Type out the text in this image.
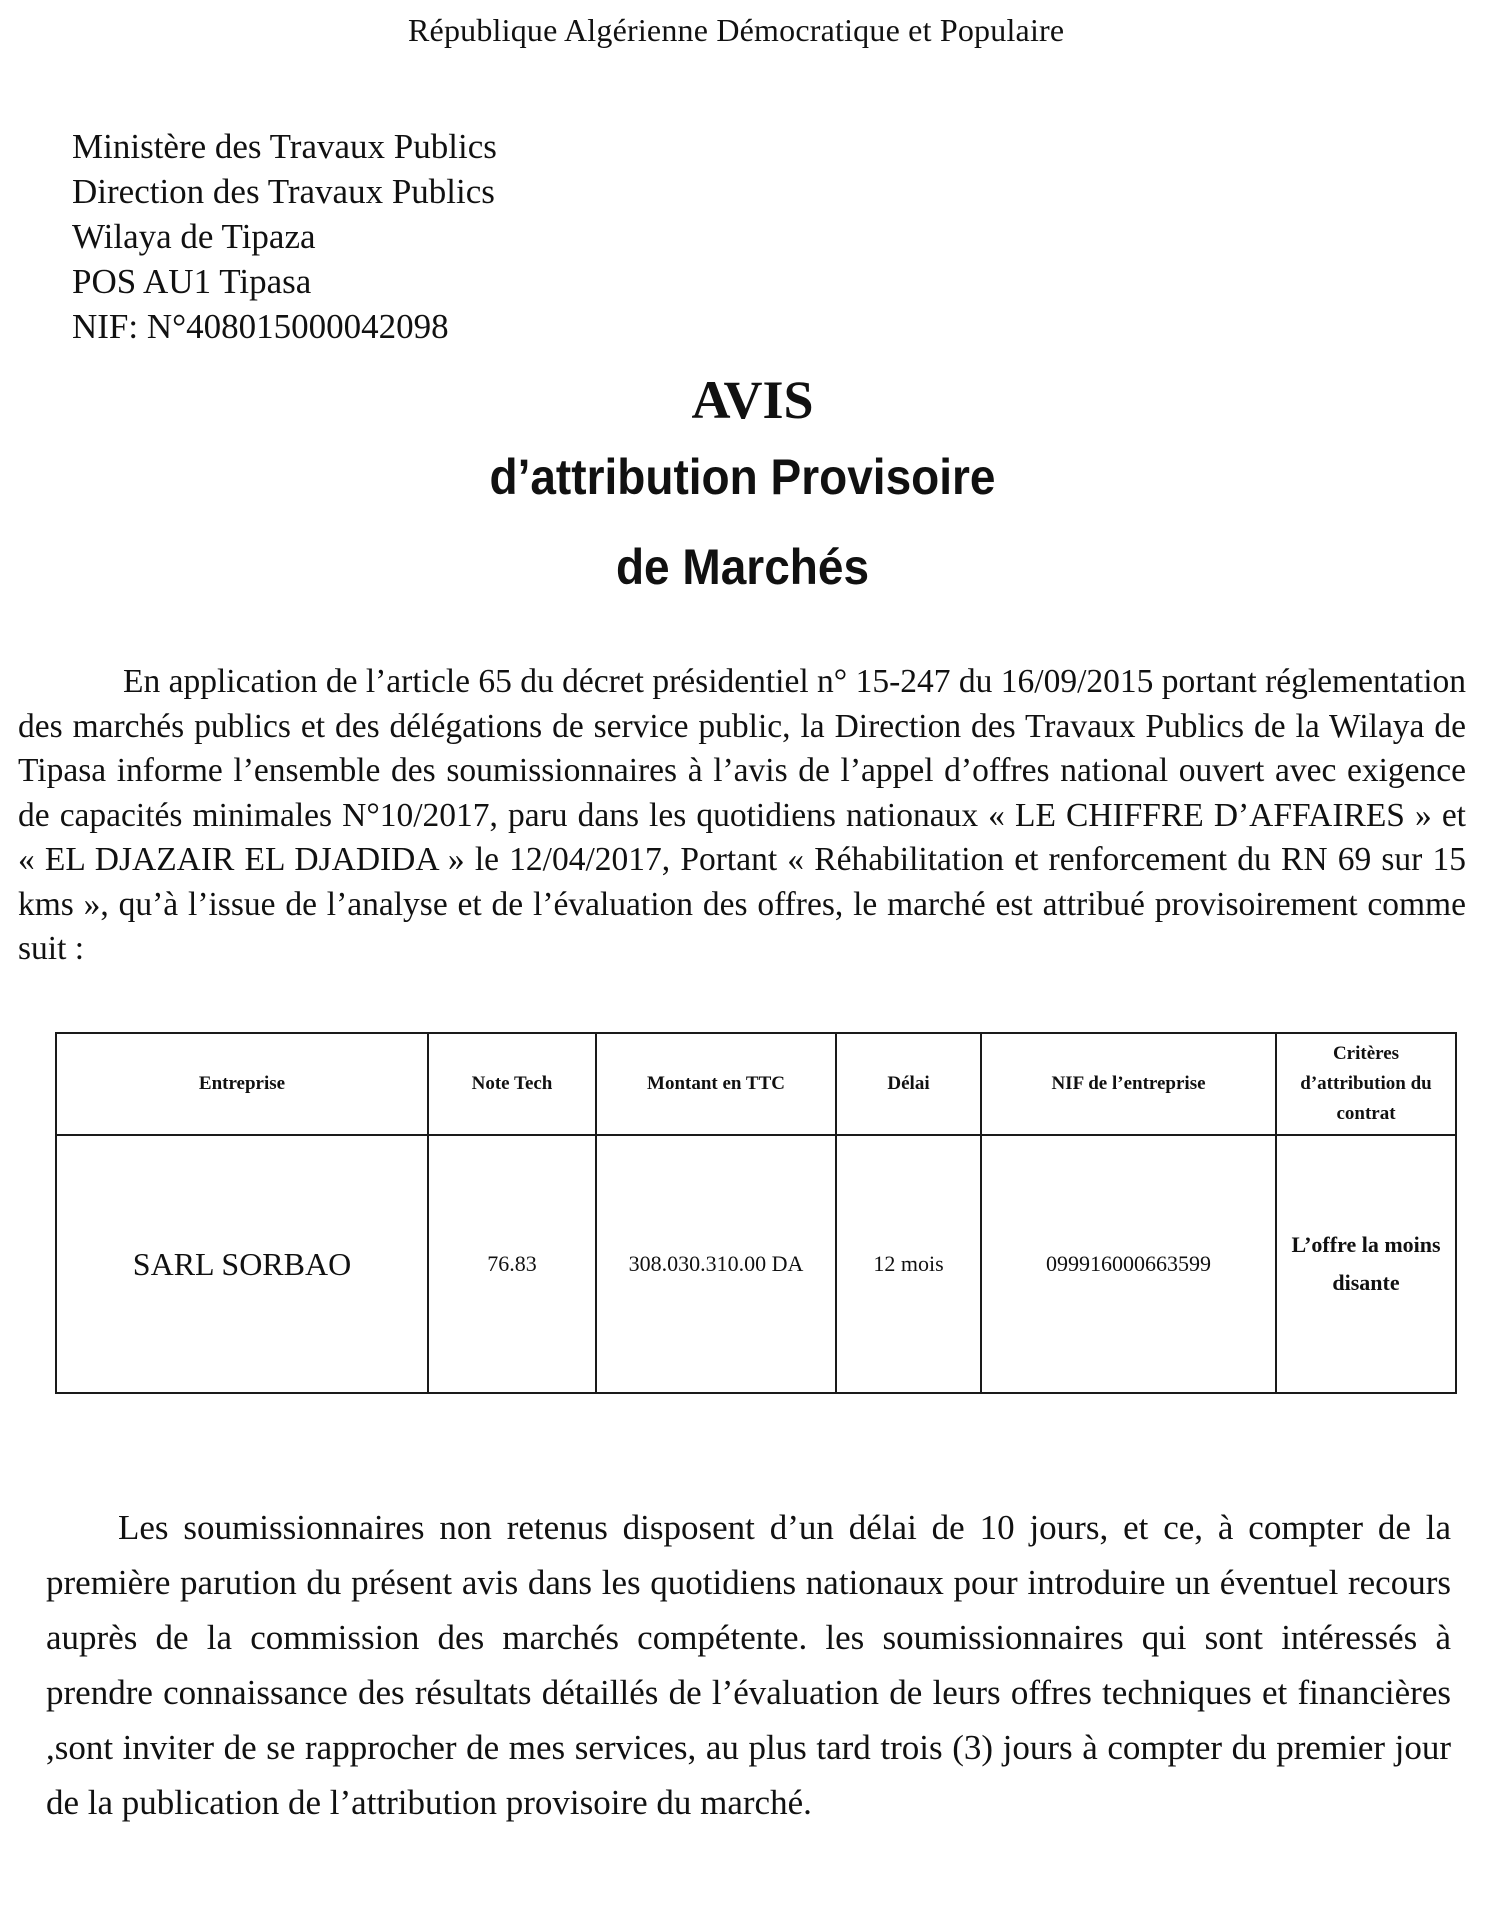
République Algérienne Démocratique et Populaire
Ministère des Travaux Publics
Direction des Travaux Publics
Wilaya de Tipaza
POS AU1 Tipasa
NIF: N°408015000042098
AVIS
d’attribution Provisoire
de Marchés
En application de l’article 65 du décret présidentiel n° 15-247 du 16/09/2015 portant réglementation des marchés publics et des délégations de service public, la Direction des Travaux Publics de la Wilaya de Tipasa informe l’ensemble des soumissionnaires à l’avis de l’appel d’offres national ouvert avec exigence de capacités minimales N°10/2017, paru dans les quotidiens nationaux « LE CHIFFRE D’AFFAIRES » et « EL DJAZAIR EL DJADIDA » le 12/04/2017, Portant « Réhabilitation et renforcement du RN 69 sur 15 kms », qu’à l’issue de l’analyse et de l’évaluation des offres, le marché est attribué provisoirement comme suit :
Entreprise	Note Tech	Montant en TTC	Délai	NIF de l’entreprise	Critères d’attribution du contrat
SARL SORBAO	76.83	308.030.310.00 DA	12 mois	099916000663599	L’offre la moins disante
Les soumissionnaires non retenus disposent d’un délai de 10 jours, et ce, à compter de la première parution du présent avis dans les quotidiens nationaux pour introduire un éventuel recours auprès de la commission des marchés compétente. les soumissionnaires qui sont intéressés à prendre connaissance des résultats détaillés de l’évaluation de leurs offres techniques et financières ,sont inviter de se rapprocher de mes services, au plus tard trois (3) jours à compter du premier jour de la publication de l’attribution provisoire du marché.
